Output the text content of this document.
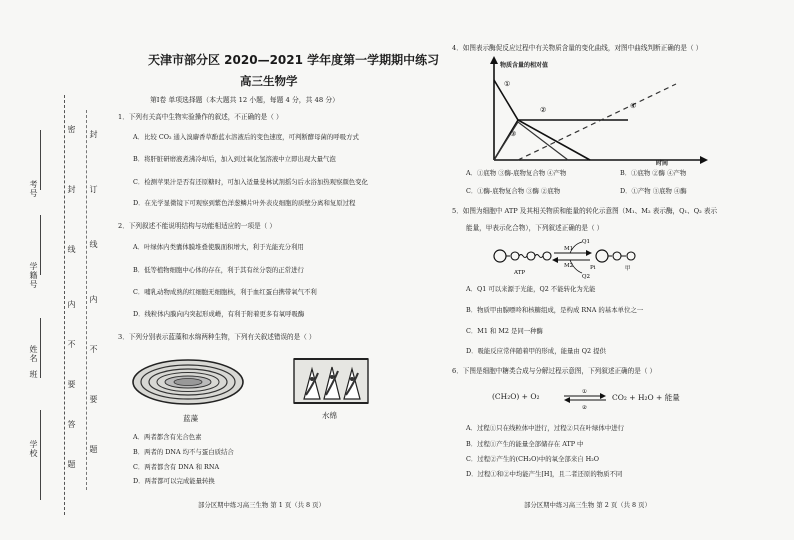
学校
班
姓名
学籍号
考号
密
封
线
内
不
要
答
题
封
订
线
内
不
要
题
天津市部分区 2020—2021 学年度第一学期期中练习
高三生物学
第Ⅰ卷 单项选择题（本大题共 12 小题，每题 4 分，共 48 分）
1．下列有关高中生物实验操作的叙述，不正确的是（ ）
A．比较 CO₂ 通入溴麝香草酚蓝水溶液后的变色速度，可判断酵母菌的呼吸方式
B．将肝脏研磨液煮沸冷却后，加入到过氧化氢溶液中立即出现大量气泡
C．检测苹果汁是否有还原糖时，可加入适量斐林试剂摇匀后水浴加热观察颜色变化
D．在光学显微镜下可观察到紫色洋葱鳞片叶外表皮细胞的质壁分离和复原过程
2．下列叙述不能说明结构与功能相适应的一项是（ ）
A．叶绿体内类囊体膜堆叠使膜面积增大，利于光能充分利用
B．低等植物细胞中心体的存在，利于其有丝分裂的正常进行
C．哺乳动物成熟的红细胞无细胞核，利于血红蛋白携带氧气不利
D．线粒体内膜向内突起形成嵴，有利于附着更多有氧呼吸酶
3．下列分别表示蓝藻和水绵两种生物，下列有关叙述错误的是（ ）
蓝藻	水绵
A．两者都含有光合色素
B．两者的 DNA 均不与蛋白质结合
C．两者都含有 DNA 和 RNA
D．两者都可以完成能量转换
部分区期中练习高三生物 第 1 页（共 8 页）
4．如图表示酶促反应过程中有关物质含量的变化曲线，对图中曲线判断正确的是（ ）
①
②
③
④
物质含量的相对值
时间
A．①底物 ③酶-底物复合物 ④产物	B．①底物 ②酶 ④产物
C．①酶-底物复合物 ③酶 ②底物	D．①产物 ③底物 ④酶
5．如图为细胞中 ATP 及其相关物质和能量的转化示意图（M₁、M₂ 表示酶，Q₁、Q₂ 表示
能量，甲表示化合物），下列叙述正确的是（ ）
ATP
M1
M2
Q1
Q2
Pi	甲
A．Q1 可以来源于光能，Q2 不能转化为光能
B．物质甲由腺嘌呤和核糖组成，是构成 RNA 的基本单位之一
C．M1 和 M2 是同一种酶
D．吸能反应常伴随着甲的形成，能量由 Q2 提供
6．下图是细胞中糖类合成与分解过程示意图，下列叙述正确的是（ ）
(CH₂O) + O₂	①
②
CO₂ + H₂O + 能量
A．过程①只在线粒体中进行，过程②只在叶绿体中进行
B．过程①产生的能量全部储存在 ATP 中
C．过程②产生的(CH₂O)中的氧全部来自 H₂O
D．过程①和②中均能产生[H]，且二者还原的物质不同
部分区期中练习高三生物 第 2 页（共 8 页）
